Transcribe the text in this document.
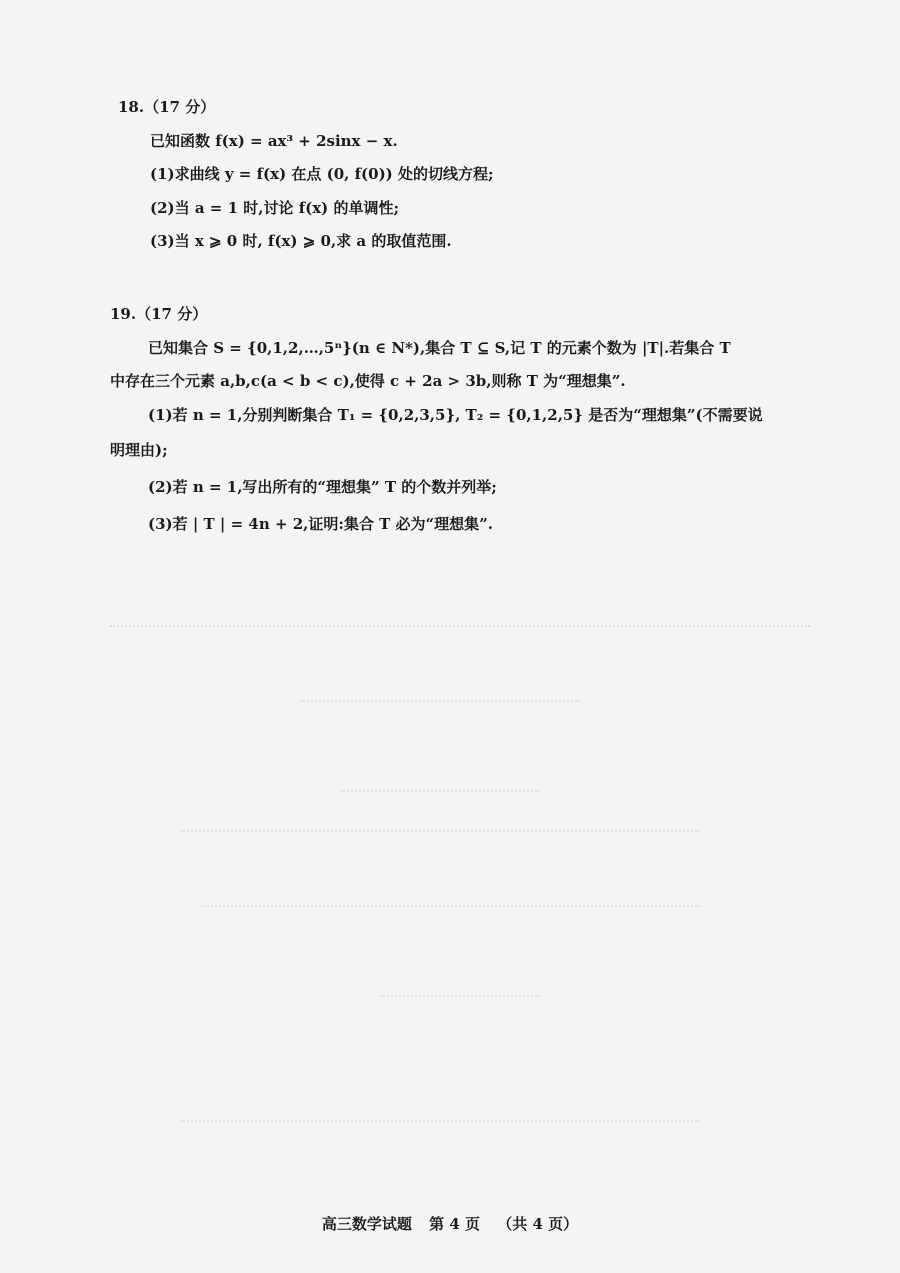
18.（17 分）
已知函数 f(x) = ax³ + 2sinx − x.
(1)求曲线 y = f(x) 在点 (0, f(0)) 处的切线方程;
(2)当 a = 1 时,讨论 f(x) 的单调性;
(3)当 x ⩾ 0 时, f(x) ⩾ 0,求 a 的取值范围.
19.（17 分）
已知集合 S = {0,1,2,…,5ⁿ}(n ∈ N*),集合 T ⊆ S,记 T 的元素个数为 |T|.若集合 T
中存在三个元素 a,b,c(a < b < c),使得 c + 2a > 3b,则称 T 为“理想集”.
(1)若 n = 1,分别判断集合 T₁ = {0,2,3,5}, T₂ = {0,1,2,5} 是否为“理想集”(不需要说
明理由);
(2)若 n = 1,写出所有的“理想集” T 的个数并列举;
(3)若 | T | = 4n + 2,证明:集合 T 必为“理想集”.
高三数学试题 第 4 页 （共 4 页）
